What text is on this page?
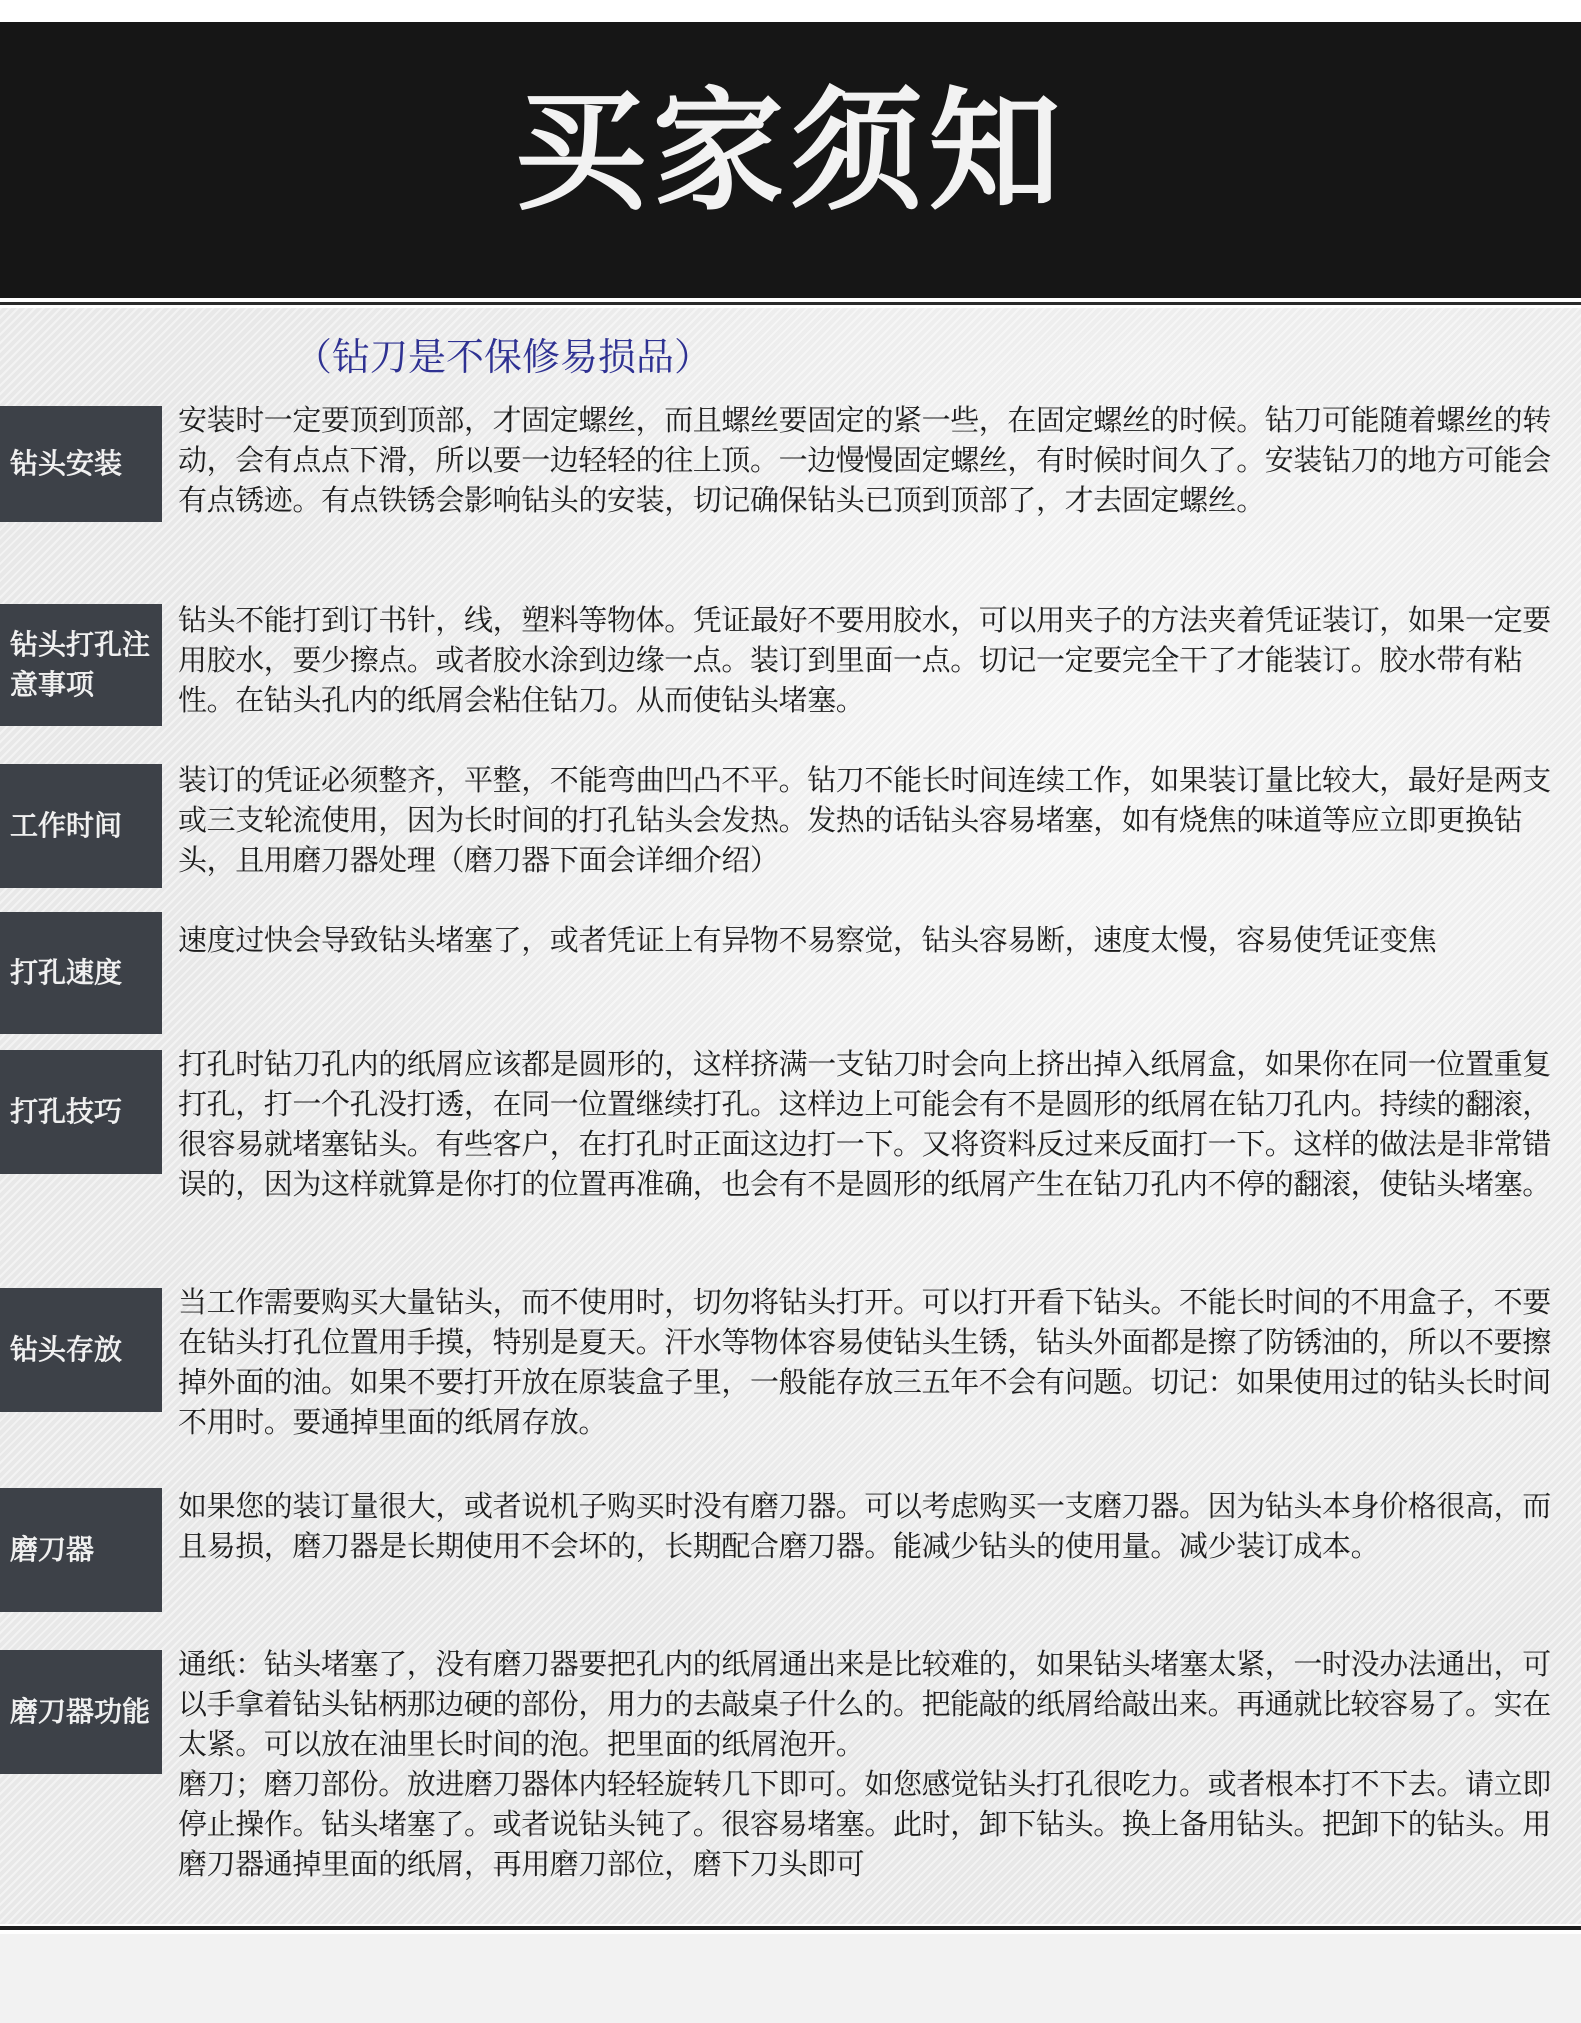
买家须知
（钻刀是不保修易损品）
钻头安装

安装时一定要顶到顶部，才固定螺丝，而且螺丝要固定的紧一些，在固定螺丝的时候。钻刀可能随着螺丝的转动，会有点点下滑，所以要一边轻轻的往上顶。一边慢慢固定螺丝，有时候时间久了。安装钻刀的地方可能会有点锈迹。有点铁锈会影响钻头的安装，切记确保钻头已顶到顶部了，才去固定螺丝。

钻头打孔注意事项

钻头不能打到订书针，线，塑料等物体。凭证最好不要用胶水，可以用夹子的方法夹着凭证装订，如果一定要用胶水，要少擦点。或者胶水涂到边缘一点。装订到里面一点。切记一定要完全干了才能装订。胶水带有粘性。在钻头孔内的纸屑会粘住钻刀。从而使钻头堵塞。

工作时间

装订的凭证必须整齐，平整，不能弯曲凹凸不平。钻刀不能长时间连续工作，如果装订量比较大，最好是两支或三支轮流使用，因为长时间的打孔钻头会发热。发热的话钻头容易堵塞，如有烧焦的味道等应立即更换钻头，且用磨刀器处理（磨刀器下面会详细介绍）

打孔速度

速度过快会导致钻头堵塞了，或者凭证上有异物不易察觉，钻头容易断，速度太慢，容易使凭证变焦

打孔技巧

打孔时钻刀孔内的纸屑应该都是圆形的，这样挤满一支钻刀时会向上挤出掉入纸屑盒，如果你在同一位置重复打孔，打一个孔没打透，在同一位置继续打孔。这样边上可能会有不是圆形的纸屑在钻刀孔内。持续的翻滚，很容易就堵塞钻头。有些客户，在打孔时正面这边打一下。又将资料反过来反面打一下。这样的做法是非常错误的，因为这样就算是你打的位置再准确，也会有不是圆形的纸屑产生在钻刀孔内不停的翻滚，使钻头堵塞。

钻头存放

当工作需要购买大量钻头，而不使用时，切勿将钻头打开。可以打开看下钻头。不能长时间的不用盒子，不要在钻头打孔位置用手摸，特别是夏天。汗水等物体容易使钻头生锈，钻头外面都是擦了防锈油的，所以不要擦掉外面的油。如果不要打开放在原装盒子里，一般能存放三五年不会有问题。切记：如果使用过的钻头长时间不用时。要通掉里面的纸屑存放。

磨刀器

如果您的装订量很大，或者说机子购买时没有磨刀器。可以考虑购买一支磨刀器。因为钻头本身价格很高，而且易损，磨刀器是长期使用不会坏的，长期配合磨刀器。能减少钻头的使用量。减少装订成本。

磨刀器功能

通纸：钻头堵塞了，没有磨刀器要把孔内的纸屑通出来是比较难的，如果钻头堵塞太紧，一时没办法通出，可以手拿着钻头钻柄那边硬的部份，用力的去敲桌子什么的。把能敲的纸屑给敲出来。再通就比较容易了。实在太紧。可以放在油里长时间的泡。把里面的纸屑泡开。

磨刀；磨刀部份。放进磨刀器体内轻轻旋转几下即可。如您感觉钻头打孔很吃力。或者根本打不下去。请立即停止操作。钻头堵塞了。或者说钻头钝了。很容易堵塞。此时，卸下钻头。换上备用钻头。把卸下的钻头。用磨刀器通掉里面的纸屑，再用磨刀部位，磨下刀头即可
